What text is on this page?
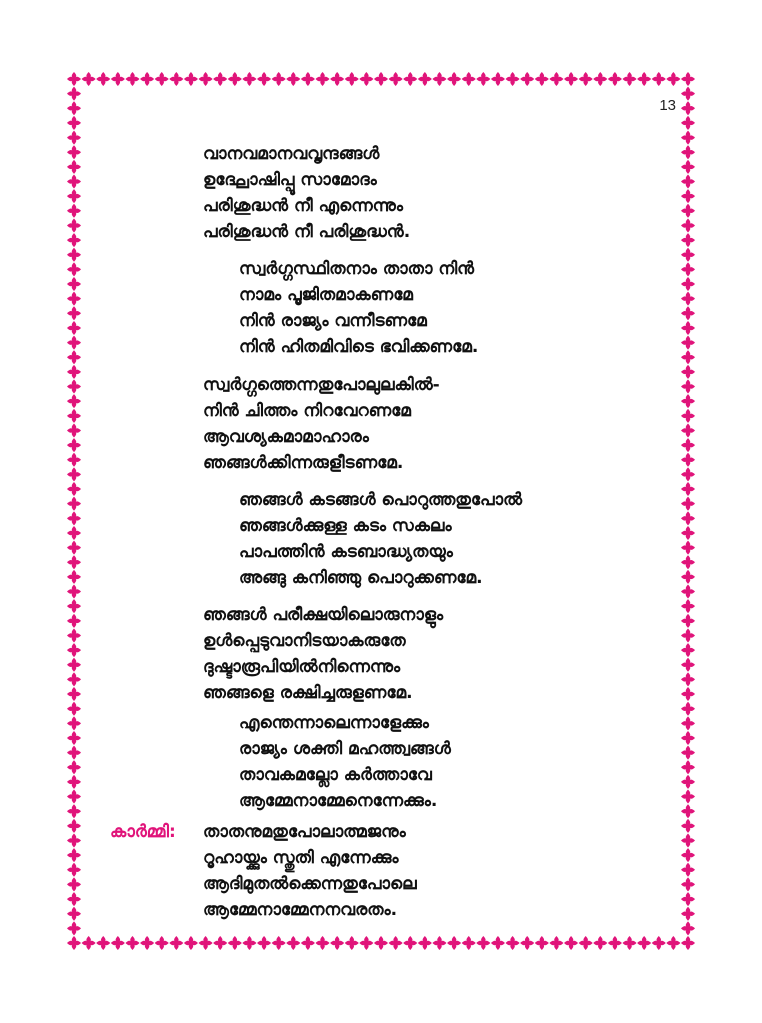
13
വാനവമാനവവൃന്ദങ്ങൾ
ഉദ്ഘോഷിപ്പൂ സാമോദം
പരിശുദ്ധൻ നീ എന്നെന്നും
പരിശുദ്ധൻ നീ പരിശുദ്ധൻ.
സ്വർഗ്ഗസ്ഥിതനാം താതാ നിൻ
നാമം പൂജിതമാകണമേ
നിൻ രാജ്യം വന്നീടണമേ
നിൻ ഹിതമിവിടെ ഭവിക്കണമേ.
സ്വർഗ്ഗത്തെന്നതുപോലുലകിൽ-
നിൻ ചിത്തം നിറവേറണമേ
ആവശ്യകമാമാഹാരം
ഞങ്ങൾക്കിന്നരുളീടണമേ.
ഞങ്ങൾ കടങ്ങൾ പൊറുത്തതുപോൽ
ഞങ്ങൾക്കുള്ള കടം സകലം
പാപത്തിൻ കടബാദ്ധ്യതയും
അങ്ങു കനിഞ്ഞു പൊറുക്കണമേ.
ഞങ്ങൾ പരീക്ഷയിലൊരുനാളും
ഉൾപ്പെടുവാനിടയാകരുതേ
ദുഷ്ടാരൂപിയിൽനിന്നെന്നും
ഞങ്ങളെ രക്ഷിച്ചരുളണമേ.
എന്തെന്നാലെന്നാളേക്കും
രാജ്യം ശക്തി മഹത്ത്വങ്ങൾ
താവകമല്ലോ കർത്താവേ
ആമ്മേനാമ്മേനെന്നേക്കും.
കാർമ്മി: താതനുമതുപോലാത്മജനും
റൂഹായ്ക്കും സ്തുതി എന്നേക്കും
ആദിമുതൽക്കെന്നതുപോലെ
ആമ്മേനാമ്മേനനവരതം.
